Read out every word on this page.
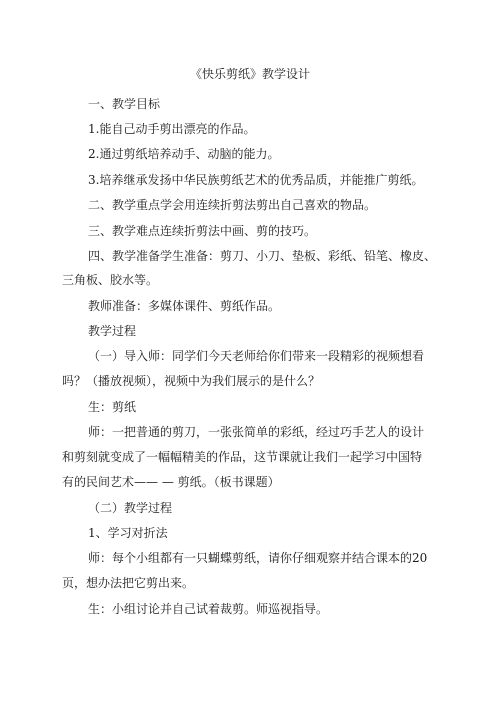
《快乐剪纸》教学设计
一、教学目标
1.能自己动手剪出漂亮的作品。
2.通过剪纸培养动手、动脑的能力。
3.培养继承发扬中华民族剪纸艺术的优秀品质，并能推广剪纸。
二、教学重点学会用连续折剪法剪出自己喜欢的物品。
三、教学难点连续折剪法中画、剪的技巧。
四、教学准备学生准备：剪刀、小刀、垫板、彩纸、铅笔、橡皮、
三角板、胶水等。
教师准备：多媒体课件、剪纸作品。
教学过程
（一）导入师：同学们今天老师给你们带来一段精彩的视频想看
吗？（播放视频），视频中为我们展示的是什么？
生：剪纸
师：一把普通的剪刀，一张张简单的彩纸，经过巧手艺人的设计
和剪刻就变成了一幅幅精美的作品，这节课就让我们一起学习中国特
有的民间艺术—— — 剪纸。（板书课题）
（二）教学过程
1、学习对折法
师：每个小组都有一只蝴蝶剪纸，请你仔细观察并结合课本的20
页，想办法把它剪出来。
生：小组讨论并自己试着裁剪。师巡视指导。
